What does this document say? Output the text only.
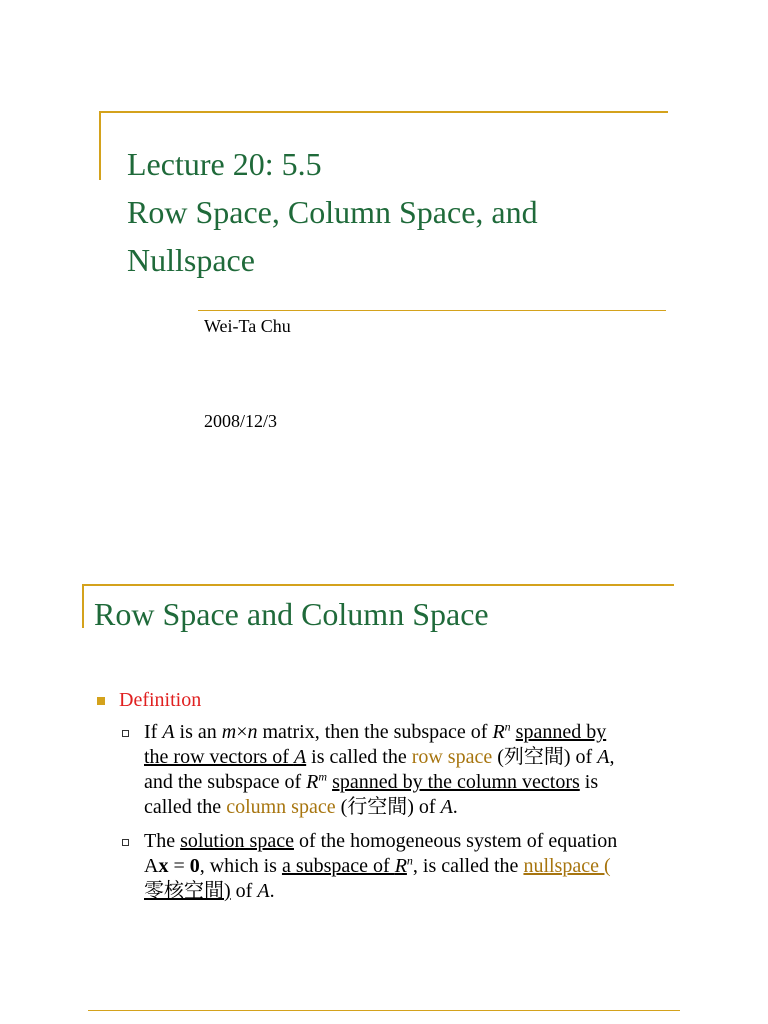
Lecture 20: 5.5
Row Space, Column Space, and
Nullspace
Wei-Ta Chu
2008/12/3
Row Space and Column Space
Definition
If A is an m×n matrix, then the subspace of $R^n$ spanned by
the row vectors of A is called the row space (列空間) of A,
and the subspace of $R^m$ spanned by the column vectors is
called the column space (行空間) of A.
The solution space of the homogeneous system of equation
Ax = 0, which is a subspace of $R^n$, is called the nullspace (
零核空間) of A.
